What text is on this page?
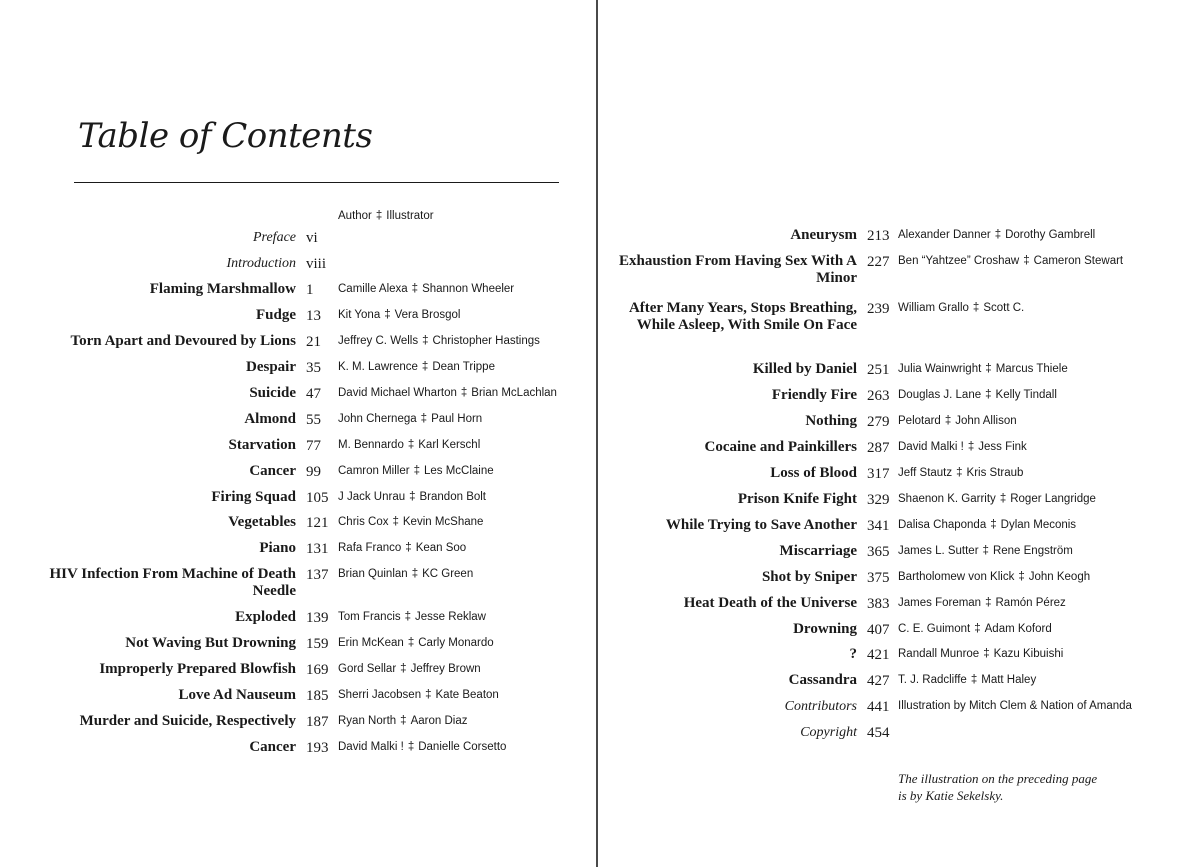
Table of Contents
Author ‡ Illustrator
Preface vi
Introduction viii
Flaming Marshmallow 1 Camille Alexa ‡ Shannon Wheeler
Fudge 13 Kit Yona ‡ Vera Brosgol
Torn Apart and Devoured by Lions 21 Jeffrey C. Wells ‡ Christopher Hastings
Despair 35 K. M. Lawrence ‡ Dean Trippe
Suicide 47 David Michael Wharton ‡ Brian McLachlan
Almond 55 John Chernega ‡ Paul Horn
Starvation 77 M. Bennardo ‡ Karl Kerschl
Cancer 99 Camron Miller ‡ Les McClaine
Firing Squad 105 J Jack Unrau ‡ Brandon Bolt
Vegetables 121 Chris Cox ‡ Kevin McShane
Piano 131 Rafa Franco ‡ Kean Soo
HIV Infection From Machine of Death Needle
137 Brian Quinlan ‡ KC Green
Exploded 139 Tom Francis ‡ Jesse Reklaw
Not Waving But Drowning 159 Erin McKean ‡ Carly Monardo
Improperly Prepared Blowfish 169 Gord Sellar ‡ Jeffrey Brown
Love Ad Nauseum 185 Sherri Jacobsen ‡ Kate Beaton
Murder and Suicide, Respectively 187 Ryan North ‡ Aaron Diaz
Cancer 193 David Malki ! ‡ Danielle Corsetto
Aneurysm 213 Alexander Danner ‡ Dorothy Gambrell
Exhaustion From Having Sex With A Minor
227 Ben “Yahtzee” Croshaw ‡ Cameron Stewart
After Many Years, Stops Breathing, While Asleep, With Smile On Face
239 William Grallo ‡ Scott C.
Killed by Daniel 251 Julia Wainwright ‡ Marcus Thiele
Friendly Fire 263 Douglas J. Lane ‡ Kelly Tindall
Nothing 279 Pelotard ‡ John Allison
Cocaine and Painkillers 287 David Malki ! ‡ Jess Fink
Loss of Blood 317 Jeff Stautz ‡ Kris Straub
Prison Knife Fight 329 Shaenon K. Garrity ‡ Roger Langridge
While Trying to Save Another 341 Dalisa Chaponda ‡ Dylan Meconis
Miscarriage 365 James L. Sutter ‡ Rene Engström
Shot by Sniper 375 Bartholomew von Klick ‡ John Keogh
Heat Death of the Universe 383 James Foreman ‡ Ramón Pérez
Drowning 407 C. E. Guimont ‡ Adam Koford
? 421 Randall Munroe ‡ Kazu Kibuishi
Cassandra 427 T. J. Radcliffe ‡ Matt Haley
Contributors 441 Illustration by Mitch Clem & Nation of Amanda
Copyright 454
The illustration on the preceding page is by Katie Sekelsky.
